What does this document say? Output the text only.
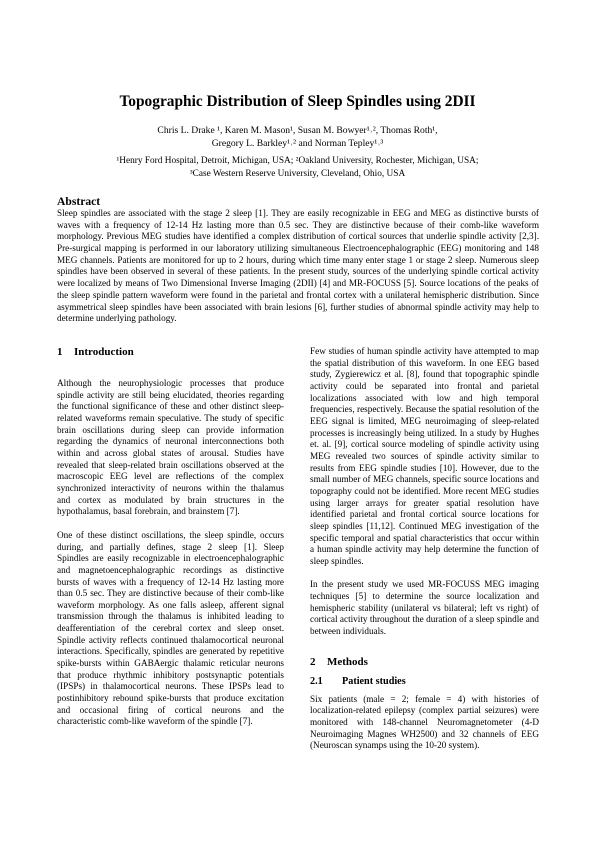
Topographic Distribution of Sleep Spindles using 2DII
Chris L. Drake ¹, Karen M. Mason¹, Susan M. Bowyer¹˒², Thomas Roth¹,
Gregory L. Barkley¹˒² and Norman Tepley¹˒³
¹Henry Ford Hospital, Detroit, Michigan, USA; ²Oakland University, Rochester, Michigan, USA;
³Case Western Reserve University, Cleveland, Ohio, USA
Abstract

Sleep spindles are associated with the stage 2 sleep [1]. They are easily recognizable in EEG and MEG as distinctive bursts of waves with a frequency of 12-14 Hz lasting more than 0.5 sec. They are distinctive because of their comb-like waveform morphology. Previous MEG studies have identified a complex distribution of cortical sources that underlie spindle activity [2,3]. Pre-surgical mapping is performed in our laboratory utilizing simultaneous Electroencephalographic (EEG) monitoring and 148 MEG channels. Patients are monitored for up to 2 hours, during which time many enter stage 1 or stage 2 sleep. Numerous sleep spindles have been observed in several of these patients. In the present study, sources of the underlying spindle cortical activity were localized by means of Two Dimensional Inverse Imaging (2DII) [4] and MR-FOCUSS [5]. Source locations of the peaks of the sleep spindle pattern waveform were found in the parietal and frontal cortex with a unilateral hemispheric distribution. Since asymmetrical sleep spindles have been associated with brain lesions [6], further studies of abnormal spindle activity may help to determine underlying pathology.

1 Introduction

Although the neurophysiologic processes that produce spindle activity are still being elucidated, theories regarding the functional significance of these and other distinct sleep-related waveforms remain speculative. The study of specific brain oscillations during sleep can provide information regarding the dynamics of neuronal interconnections both within and across global states of arousal. Studies have revealed that sleep-related brain oscillations observed at the macroscopic EEG level are reflections of the complex synchronized interactivity of neurons within the thalamus and cortex as modulated by brain structures in the hypothalamus, basal forebrain, and brainstem [7].

One of these distinct oscillations, the sleep spindle, occurs during, and partially defines, stage 2 sleep [1]. Sleep Spindles are easily recognizable in electroencephalographic and magnetoencephalographic recordings as distinctive bursts of waves with a frequency of 12-14 Hz lasting more than 0.5 sec. They are distinctive because of their comb-like waveform morphology. As one falls asleep, afferent signal transmission through the thalamus is inhibited leading to deafferentiation of the cerebral cortex and sleep onset. Spindle activity reflects continued thalamocortical neuronal interactions. Specifically, spindles are generated by repetitive spike-bursts within GABAergic thalamic reticular neurons that produce rhythmic inhibitory postsynaptic potentials (IPSPs) in thalamocortical neurons. These IPSPs lead to postinhibitory rebound spike-bursts that produce excitation and occasional firing of cortical neurons and the characteristic comb-like waveform of the spindle [7].

Few studies of human spindle activity have attempted to map the spatial distribution of this waveform. In one EEG based study, Zygierewicz et al. [8], found that topographic spindle activity could be separated into frontal and parietal localizations associated with low and high temporal frequencies, respectively. Because the spatial resolution of the EEG signal is limited, MEG neuroimaging of sleep-related processes is increasingly being utilized. In a study by Hughes et. al. [9], cortical source modeling of spindle activity using MEG revealed two sources of spindle activity similar to results from EEG spindle studies [10]. However, due to the small number of MEG channels, specific source locations and topography could not be identified. More recent MEG studies using larger arrays for greater spatial resolution have identified parietal and frontal cortical source locations for sleep spindles [11,12]. Continued MEG investigation of the specific temporal and spatial characteristics that occur within a human spindle activity may help determine the function of sleep spindles.

In the present study we used MR-FOCUSS MEG imaging techniques [5] to determine the source localization and hemispheric stability (unilateral vs bilateral; left vs right) of cortical activity throughout the duration of a sleep spindle and between individuals.

2 Methods
2.1 Patient studies

Six patients (male = 2; female = 4) with histories of localization-related epilepsy (complex partial seizures) were monitored with 148-channel Neuromagnetometer (4-D Neuroimaging Magnes WH2500) and 32 channels of EEG (Neuroscan synamps using the 10-20 system).
